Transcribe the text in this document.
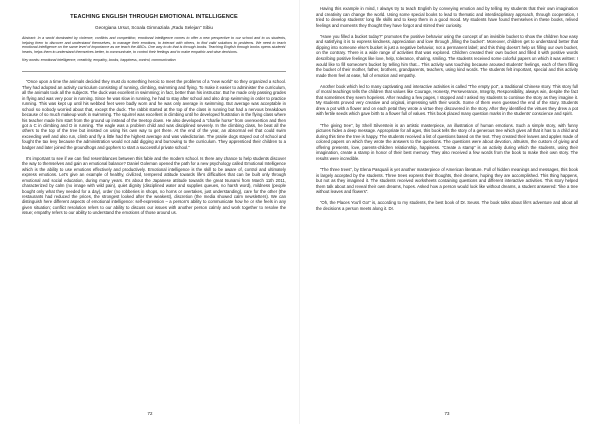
TEACHING ENGLISH THROUGH EMOTIONAL INTELLIGENCE
Georgiana Ursut, Scoala Gimnaziala „Radu Selejan” Sibiu
Abstract: In a world dominated by violence, conflicts and competition, emotional intelligence comes to offer a new perspective to our school and to us students, helping them to discover and understand themselves, to manage their emotions, to interact with others, to find valid solutions to problems. We need to teach emotional intelligence on the same level of importance as we teach the ABCs. One way to do that is through books. Teaching English through books opens students' hearts, helps them to understand themselves better, to communicate, to control their feelings and to make empathic and wise decisions.
Key words: emotional intelligence, creativity, empathy, books, happiness, control, communication

“Once upon a time the animals decided they must do something heroic to meet the problems of a “new world” so they organized a school. They had adopted an activity curriculum consisting of running, climbing, swimming and flying. To make it easier to administer the curriculum, all the animals took all the subjects. The duck was excellent in swimming; in fact, better than his instructor. But he made only passing grades in flying and was very poor in running. Since he was slow in running, he had to stay after school and also drop swimming in order to practice running. This was kept up until his webbed feet were badly worn and he was only average in swimming. But average was acceptable in school so nobody worried about that, except the duck. The rabbit started at the top of the class in running but had a nervous breakdown because of so much makeup work in swimming. The squirrel was excellent in climbing until he developed frustration in the flying class where his teacher made him start from the ground up instead of the treetop down. He also developed a “charlie horse” from overexertion and then got a C in climbing and D in running. The eagle was a problem child and was disciplined severely. In the climbing class, he beat all the others to the top of the tree but insisted on using his own way to get there. At the end of the year, an abnormal eel that could swim exceeding well and also run, climb and fly a little had the highest average and was valedictorian. The prairie dogs stayed out of school and fought the tax levy because the administration would not add digging and burrowing to the curriculum. They apprenticed their children to a badger and later joined the groundhogs and gophers to start a successful private school.”

It's important to see if we can find resemblances between this fable and the modern school. Is there any chance to help students discover the way to themselves and gain an emotional balance? Daniel Goleman opened the path for a new psychology called Emotional Intelligence which is the ability to use emotions effectively and productively. Emotional intelligence is the skill to be aware of, control and ultimately express emotions. Let's give an example of healthy, civilized, tempered attitude towards life's difficulties that can be built only through emotional and social education, during many years. It's about the Japanese attitude towards the great tsunami from March 11th 2011, characterized by calm (no image with wild pain), quiet dignity (disciplined water and supplies queues, no harsh word), mildness (people bought only what they needed for a day), order (no robberies in shops, no horns or overtakes, just understanding), care for the other (the restaurants had reduced the prices, the strongest looked after the weakest), discretion (the media showed calm newsletters). We can distinguish here different aspects of emotional intelligence: self-expression – a person's ability to communicate how he or she feels in any given situation; conflict resolution refers to our ability to discuss our issues with another person calmly and work together to resolve the issue; empathy refers to our ability to understand the emotions of those around us.

72

Having this example in mind, I always try to teach English by conveying emotion and by telling my students that their own imagination and creativity can change the world. Using some special books to lead to thematic and interdisciplinary approach, through cooperation, I tried to develop students' long life skills and to keep them in a good mood. My students have found themselves in these books, relived feelings and moments they thought they have forgot and stirred their curiosity.

“Have you filled a bucket today?” promotes the positive behavior using the concept of an invisible bucket to show the children how easy and satisfying it is to express kindness, appreciation and love through „filling the bucket”. Moreover, children get to understand better that dipping into someone else's bucket is just a negative behavior, not a permanent label; and this thing doesn't help us filling our own bucket, on the contrary. There is a wide range of activities that was explored. Children created their own bucket and filled it with positive words describing positive feelings like love, help, tolerance, sharing, smiling. The students received some colorful papers on which it was written: I would like to fill someone's bucket by telling him that... This activity was touching because aroused students' feelings, each of them filling the bucket of their mother, father, brothers, grandparents, teachers, using kind words. The students felt important, special and this activity made them feel at ease, full of emotion and empathy.

Another book which led to many captivating and interactive activities is called “The empty pot”, a traditional Chinese story. This story full of moral teachings tells the children that values like Courage, Honesty, Perseverance, Integrity, Responsibility, always win, despite the fact that sometimes they seem hopeless. After reading a few pages, I stopped and I asked my students to continue the story as they imagine it. My students proved very creative and original, impressing with their words. Some of them even guessed the end of the story. Students drew a pot with a flower and on each petal they wrote a virtue they discovered in the story. After they identified the virtues they drew a pot with fertile seeds which gave birth to a flower full of values. This book placed many question marks in the students' conscience and spirit.

“The giving tree”, by Shell Silverstein is an artistic masterpiece, an illustration of human emotions. Such a simple story, with funny pictures hides a deep message. Appropriate for all ages, this book tells the story of a generous tree which gives all that it has to a child and during this time the tree is happy. The students received a list of questions based on the text. They created their leaves and apples made of colored papers on which they wrote the answers to the questions. The questions were about devotion, altruism, the custom of giving and offering presents, love, parents-children relationship, happiness. “Create a stamp” is an activity during which the students, using their imagination, create a stamp in honor of their best memory. They also received a few words from the book to make their own story. The results were incredible.

“The three trees”, by Elena Pasquali is yet another masterpiece of American literature. Full of hidden meanings and messages, this book is largely accepted by the students. Three trees express their thoughts, their dreams, hoping they are accomplished. This thing happens, but not as they imagined it. The students received worksheets containing questions and different interactive activities. This story helped them talk about and reveal their own dreams, hopes. Asked how a person would look like without dreams, a student answered: “like a tree without leaves and flowers”.

“Oh, the Places You'll Go!” is, according to my students, the best book of Dr. Seuss. The book talks about life's adventure and about all the decisions a person meets along it. Dr.

73
